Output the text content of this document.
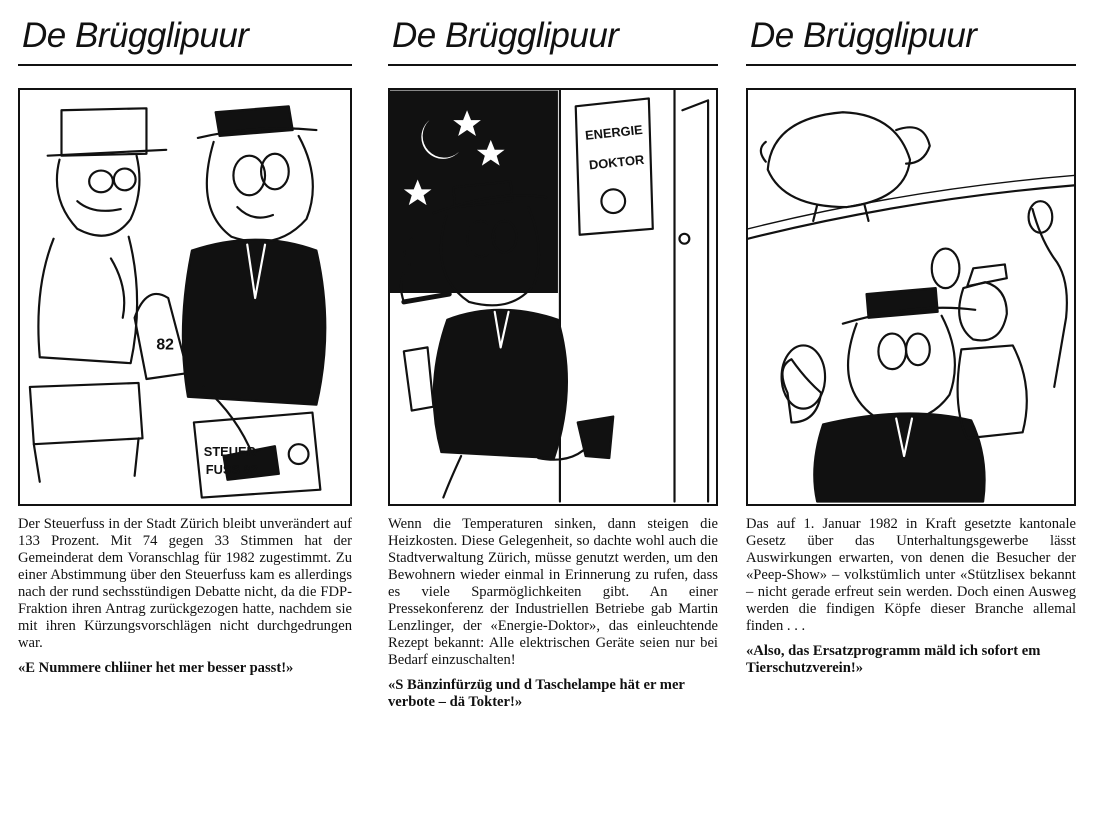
De Brügglipuur
82
STEUER-
FUSS 82
Der Steuerfuss in der Stadt Zürich bleibt unverändert auf 133 Prozent. Mit 74 gegen 33 Stimmen hat der Gemeinderat dem Voranschlag für 1982 zugestimmt. Zu einer Abstimmung über den Steuerfuss kam es allerdings nach der rund sechsstündigen Debatte nicht, da die FDP-Fraktion ihren Antrag zurückgezogen hatte, nachdem sie mit ihren Kürzungsvorschlägen nicht durchgedrungen war.
«E Nummere chliiner het mer besser passt!»
De Brügglipuur
ENERGIE
DOKTOR
Wenn die Temperaturen sinken, dann steigen die Heizkosten. Diese Gelegenheit, so dachte wohl auch die Stadtverwaltung Zürich, müsse genutzt werden, um den Bewohnern wieder einmal in Erinnerung zu rufen, dass es viele Sparmöglichkeiten gibt. An einer Pressekonferenz der Industriellen Betriebe gab Martin Lenzlinger, der «Energie-Doktor», das einleuchtende Rezept bekannt: Alle elektrischen Geräte seien nur bei Bedarf einzuschalten!
«S Bänzinfürzüg und d Taschelampe hät er mer verbote – dä Tokter!»
De Brügglipuur
Das auf 1. Januar 1982 in Kraft gesetzte kantonale Gesetz über das Unterhaltungsgewerbe lässt Auswirkungen erwarten, von denen die Besucher der «Peep-Show» – volkstümlich unter «Stützlisex bekannt – nicht gerade erfreut sein werden. Doch einen Ausweg werden die findigen Köpfe dieser Branche allemal finden . . .
«Also, das Ersatzprogramm mäld ich sofort em Tierschutzverein!»
